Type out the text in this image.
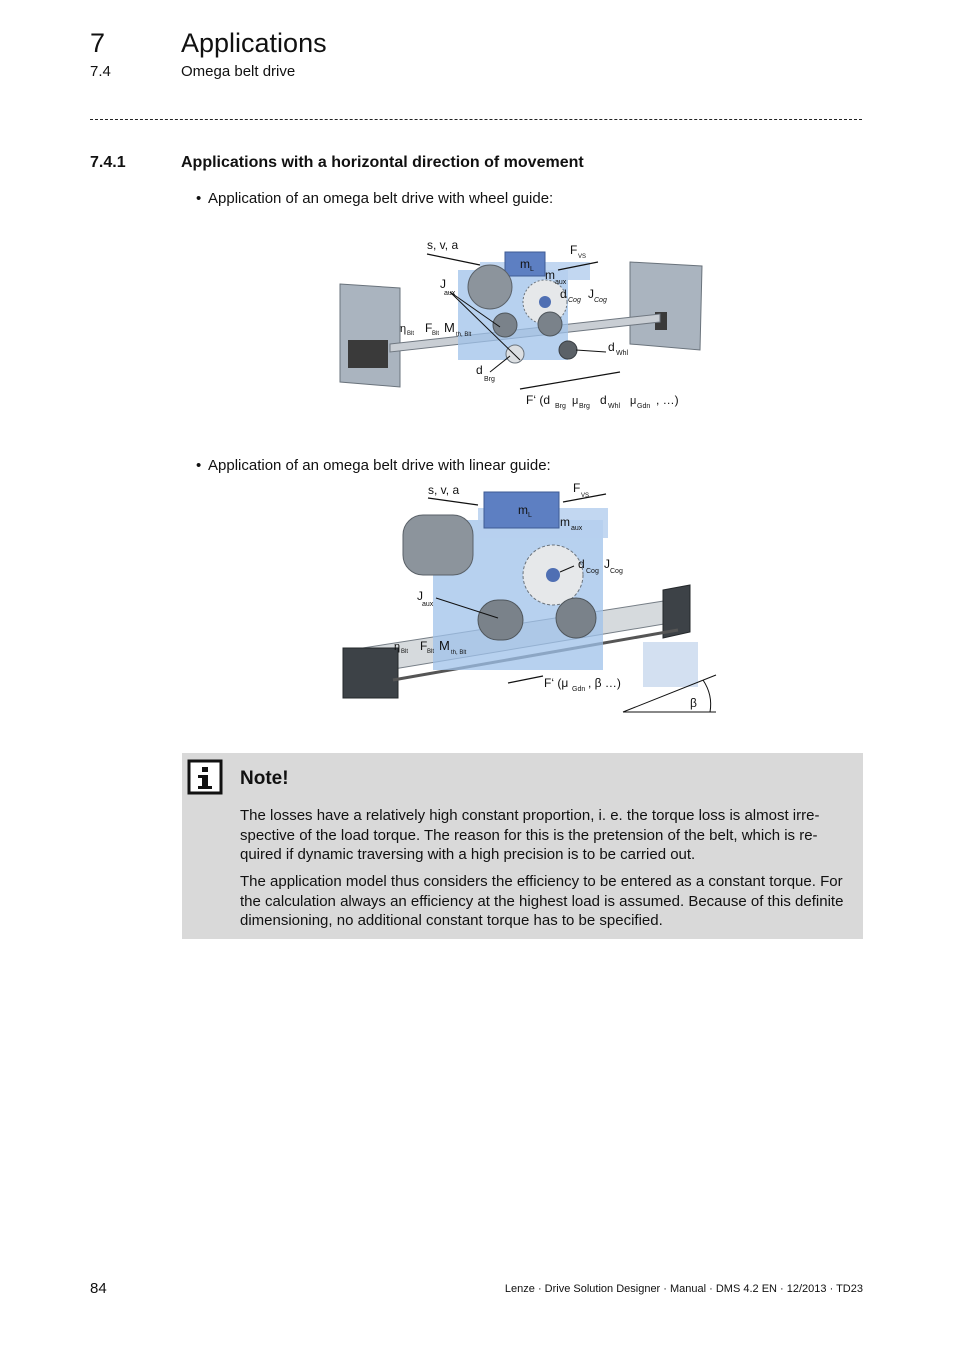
7	Applications
7.4	Omega belt drive
7.4.1	Applications with a horizontal direction of movement
• Application of an omega belt drive with wheel guide:
s, v, a
m L
F VS
m
aux
J
aux	d Cog J Cog
η Blt F Blt M th, Blt
d Whl
d
Brg
F‘ (d Brg μ Brg d Whl μ Gdn , …)
• Application of an omega belt drive with linear guide:
s, v, a
m L
F
VS
m aux
d
Cog
J
Cog
J
aux
η Blt F Blt M th, Blt
F‘ (μ Gdn , β …)
β
Note!

The losses have a relatively high constant proportion, i. e. the torque loss is almost irre-spective of the load torque. The reason for this is the pretension of the belt, which is re-quired if dynamic traversing with a high precision is to be carried out.

The application model thus considers the efficiency to be entered as a constant torque. For the calculation always an efficiency at the highest load is assumed. Because of this definite dimensioning, no additional constant torque has to be specified.

84	Lenze · Drive Solution Designer · Manual · DMS 4.2 EN · 12/2013 · TD23
